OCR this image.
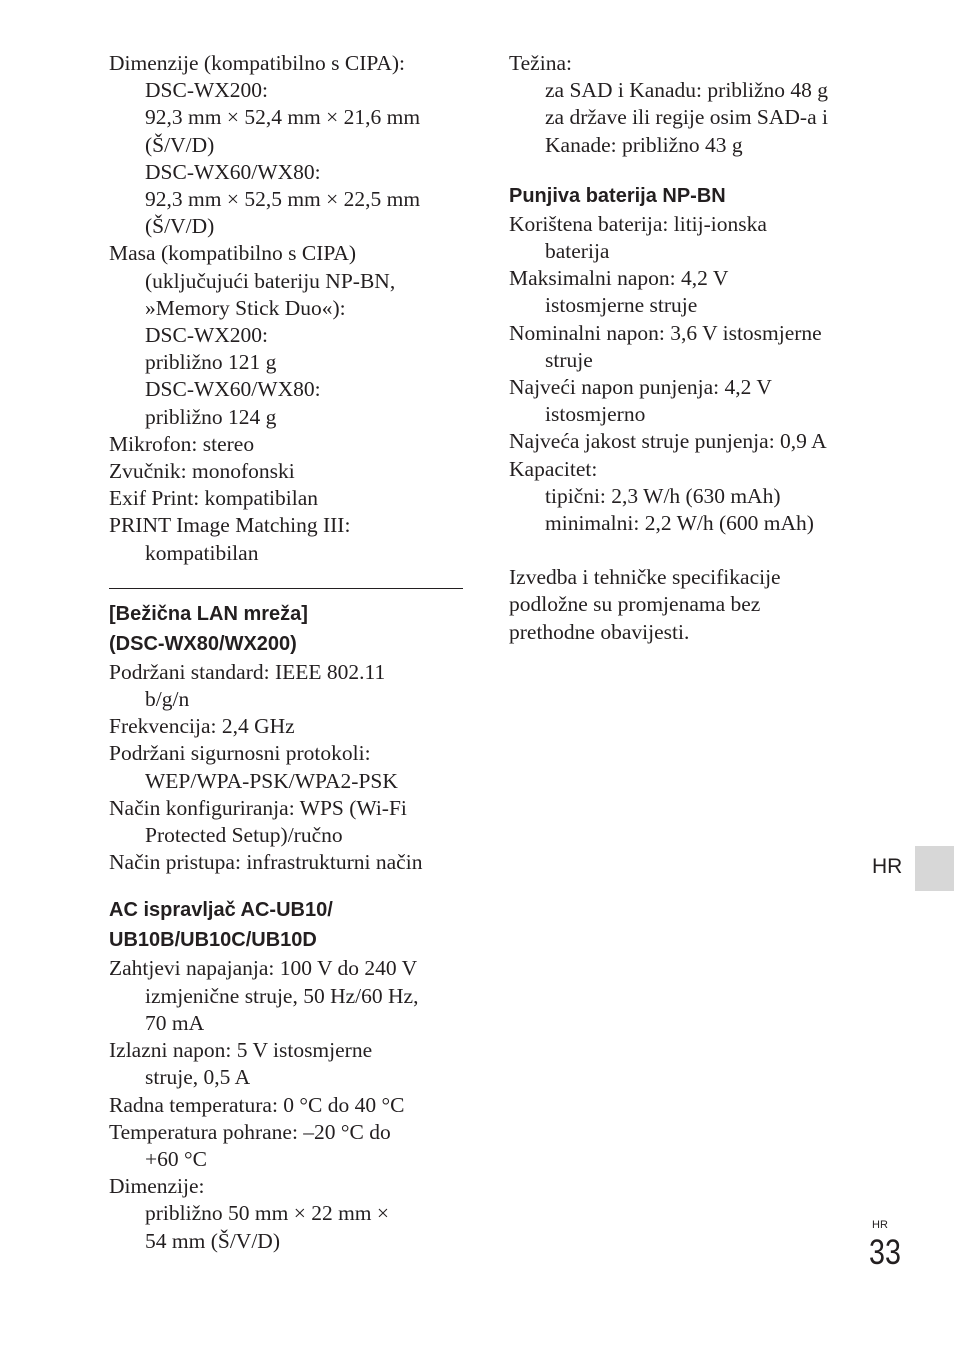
Dimenzije (kompatibilno s CIPA):
DSC-WX200:
92,3 mm × 52,4 mm × 21,6 mm
(Š/V/D)
DSC-WX60/WX80:
92,3 mm × 52,5 mm × 22,5 mm
(Š/V/D)
Masa (kompatibilno s CIPA)
(uključujući bateriju NP-BN,
»Memory Stick Duo«):
DSC-WX200:
približno 121 g
DSC-WX60/WX80:
približno 124 g
Mikrofon: stereo
Zvučnik: monofonski
Exif Print: kompatibilan
PRINT Image Matching III:
kompatibilan
[Bežična LAN mreža]
(DSC-WX80/WX200)
Podržani standard: IEEE 802.11
b/g/n
Frekvencija: 2,4 GHz
Podržani sigurnosni protokoli:
WEP/WPA-PSK/WPA2-PSK
Način konfiguriranja: WPS (Wi-Fi
Protected Setup)/ručno
Način pristupa: infrastrukturni način
AC ispravljač AC-UB10/
UB10B/UB10C/UB10D
Zahtjevi napajanja: 100 V do 240 V
izmjenične struje, 50 Hz/60 Hz,
70 mA
Izlazni napon: 5 V istosmjerne
struje, 0,5 A
Radna temperatura: 0 °C do 40 °C
Temperatura pohrane: –20 °C do
+60 °C
Dimenzije:
približno 50 mm × 22 mm ×
54 mm (Š/V/D)
Težina:
za SAD i Kanadu: približno 48 g
za države ili regije osim SAD-a i
Kanade: približno 43 g
Punjiva baterija NP-BN
Korištena baterija: litij-ionska
baterija
Maksimalni napon: 4,2 V
istosmjerne struje
Nominalni napon: 3,6 V istosmjerne
struje
Najveći napon punjenja: 4,2 V
istosmjerno
Najveća jakost struje punjenja: 0,9 A
Kapacitet:
tipični: 2,3 W/h (630 mAh)
minimalni: 2,2 W/h (600 mAh)
Izvedba i tehničke specifikacije
podložne su promjenama bez
prethodne obavijesti.
HR
HR
33
